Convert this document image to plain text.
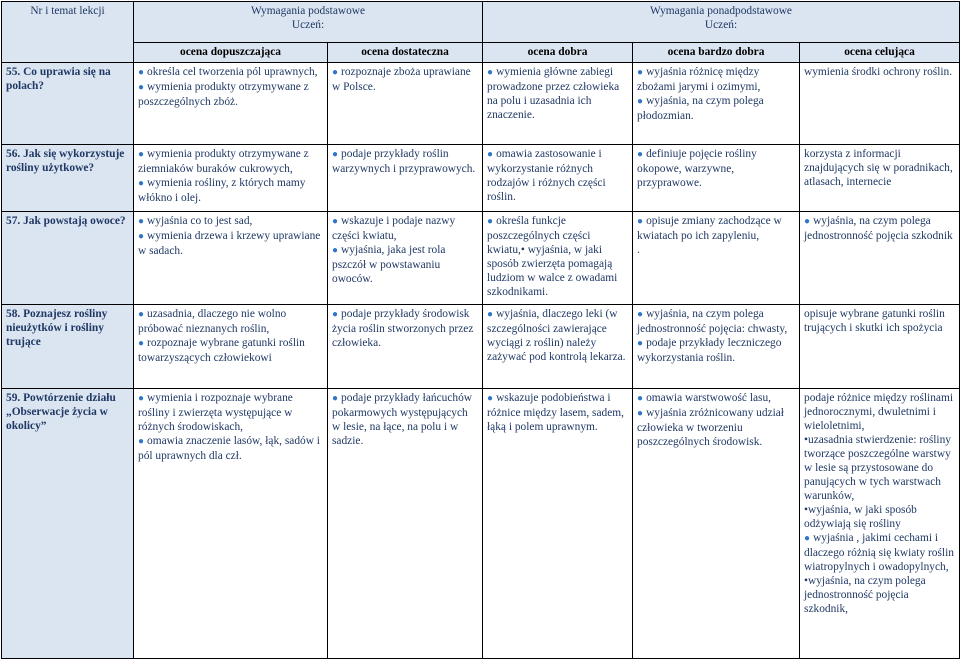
Nr i temat lekcji	Wymagania podstawowe
Uczeń:		Wymagania ponadpodstawowe
Uczeń:		

	ocena dopuszczająca	ocena dostateczna	ocena dobra	ocena bardzo dobra	ocena celująca
55. Co uprawia się na polach?	● określa cel tworzenia pól uprawnych,
● wymienia produkty otrzymywane z poszczególnych zbóż.	● rozpoznaje zboża uprawiane w Polsce.	● wymienia główne zabiegi prowadzone przez człowieka na polu i uzasadnia ich znaczenie.	● wyjaśnia różnicę między zbożami jarymi i ozimymi,
● wyjaśnia, na czym polega płodozmian.	wymienia środki ochrony roślin.

56. Jak się wykorzystuje rośliny użytkowe?	● wymienia produkty otrzymywane z ziemniaków buraków cukrowych,
● wymienia rośliny, z których mamy włókno i olej.	● podaje przykłady roślin warzywnych i przyprawowych.	● omawia zastosowanie i wykorzystanie różnych rodzajów i różnych części roślin.	● definiuje pojęcie rośliny okopowe, warzywne, przyprawowe.	korzysta z informacji znajdujących się w poradnikach, atlasach, internecie

57. Jak powstają owoce?	● wyjaśnia co to jest sad,
● wymienia drzewa i krzewy uprawiane w sadach.	● wskazuje i podaje nazwy części kwiatu,
● wyjaśnia, jaka jest rola pszczół w powstawaniu owoców.	● określa funkcje poszczególnych części kwiatu,• wyjaśnia, w jaki sposób zwierzęta pomagają ludziom w walce z owadami szkodnikami.	● opisuje zmiany zachodzące w kwiatach po ich zapyleniu,
.	● wyjaśnia, na czym polega jednostronność pojęcia szkodnik

58. Poznajesz rośliny nieużytków i rośliny trujące	● uzasadnia, dlaczego nie wolno próbować nieznanych roślin,
● rozpoznaje wybrane gatunki roślin towarzyszących człowiekowi	● podaje przykłady środowisk życia roślin stworzonych przez człowieka.	● wyjaśnia, dlaczego leki (w szczególności zawierające wyciągi z roślin) należy zażywać pod kontrolą lekarza.	● wyjaśnia, na czym polega jednostronność pojęcia: chwasty,
● podaje przykłady leczniczego wykorzystania roślin.	opisuje wybrane gatunki roślin trujących i skutki ich spożycia

59. Powtórzenie działu „Obserwacje życia w okolicy”	● wymienia i rozpoznaje wybrane rośliny i zwierzęta występujące w różnych środowiskach,
● omawia znaczenie lasów, łąk, sadów i pól uprawnych dla czł.	● podaje przykłady łańcuchów pokarmowych występujących w lesie, na łące, na polu i w sadzie.	● wskazuje podobieństwa i różnice między lasem, sadem, łąką i polem uprawnym.	● omawia warstwowość lasu,
● wyjaśnia zróżnicowany udział człowieka w tworzeniu poszczególnych środowisk.	podaje różnice między roślinami jednorocznymi, dwuletnimi i wieloletnimi,
•uzasadnia stwierdzenie: rośliny tworzące poszczególne warstwy w lesie są przystosowane do panujących w tych warstwach warunków,
•wyjaśnia, w jaki sposób odżywiają się rośliny
● wyjaśnia , jakimi cechami i dlaczego różnią się kwiaty roślin wiatropylnych i owadopylnych,
•wyjaśnia, na czym polega jednostronność pojęcia szkodnik,
